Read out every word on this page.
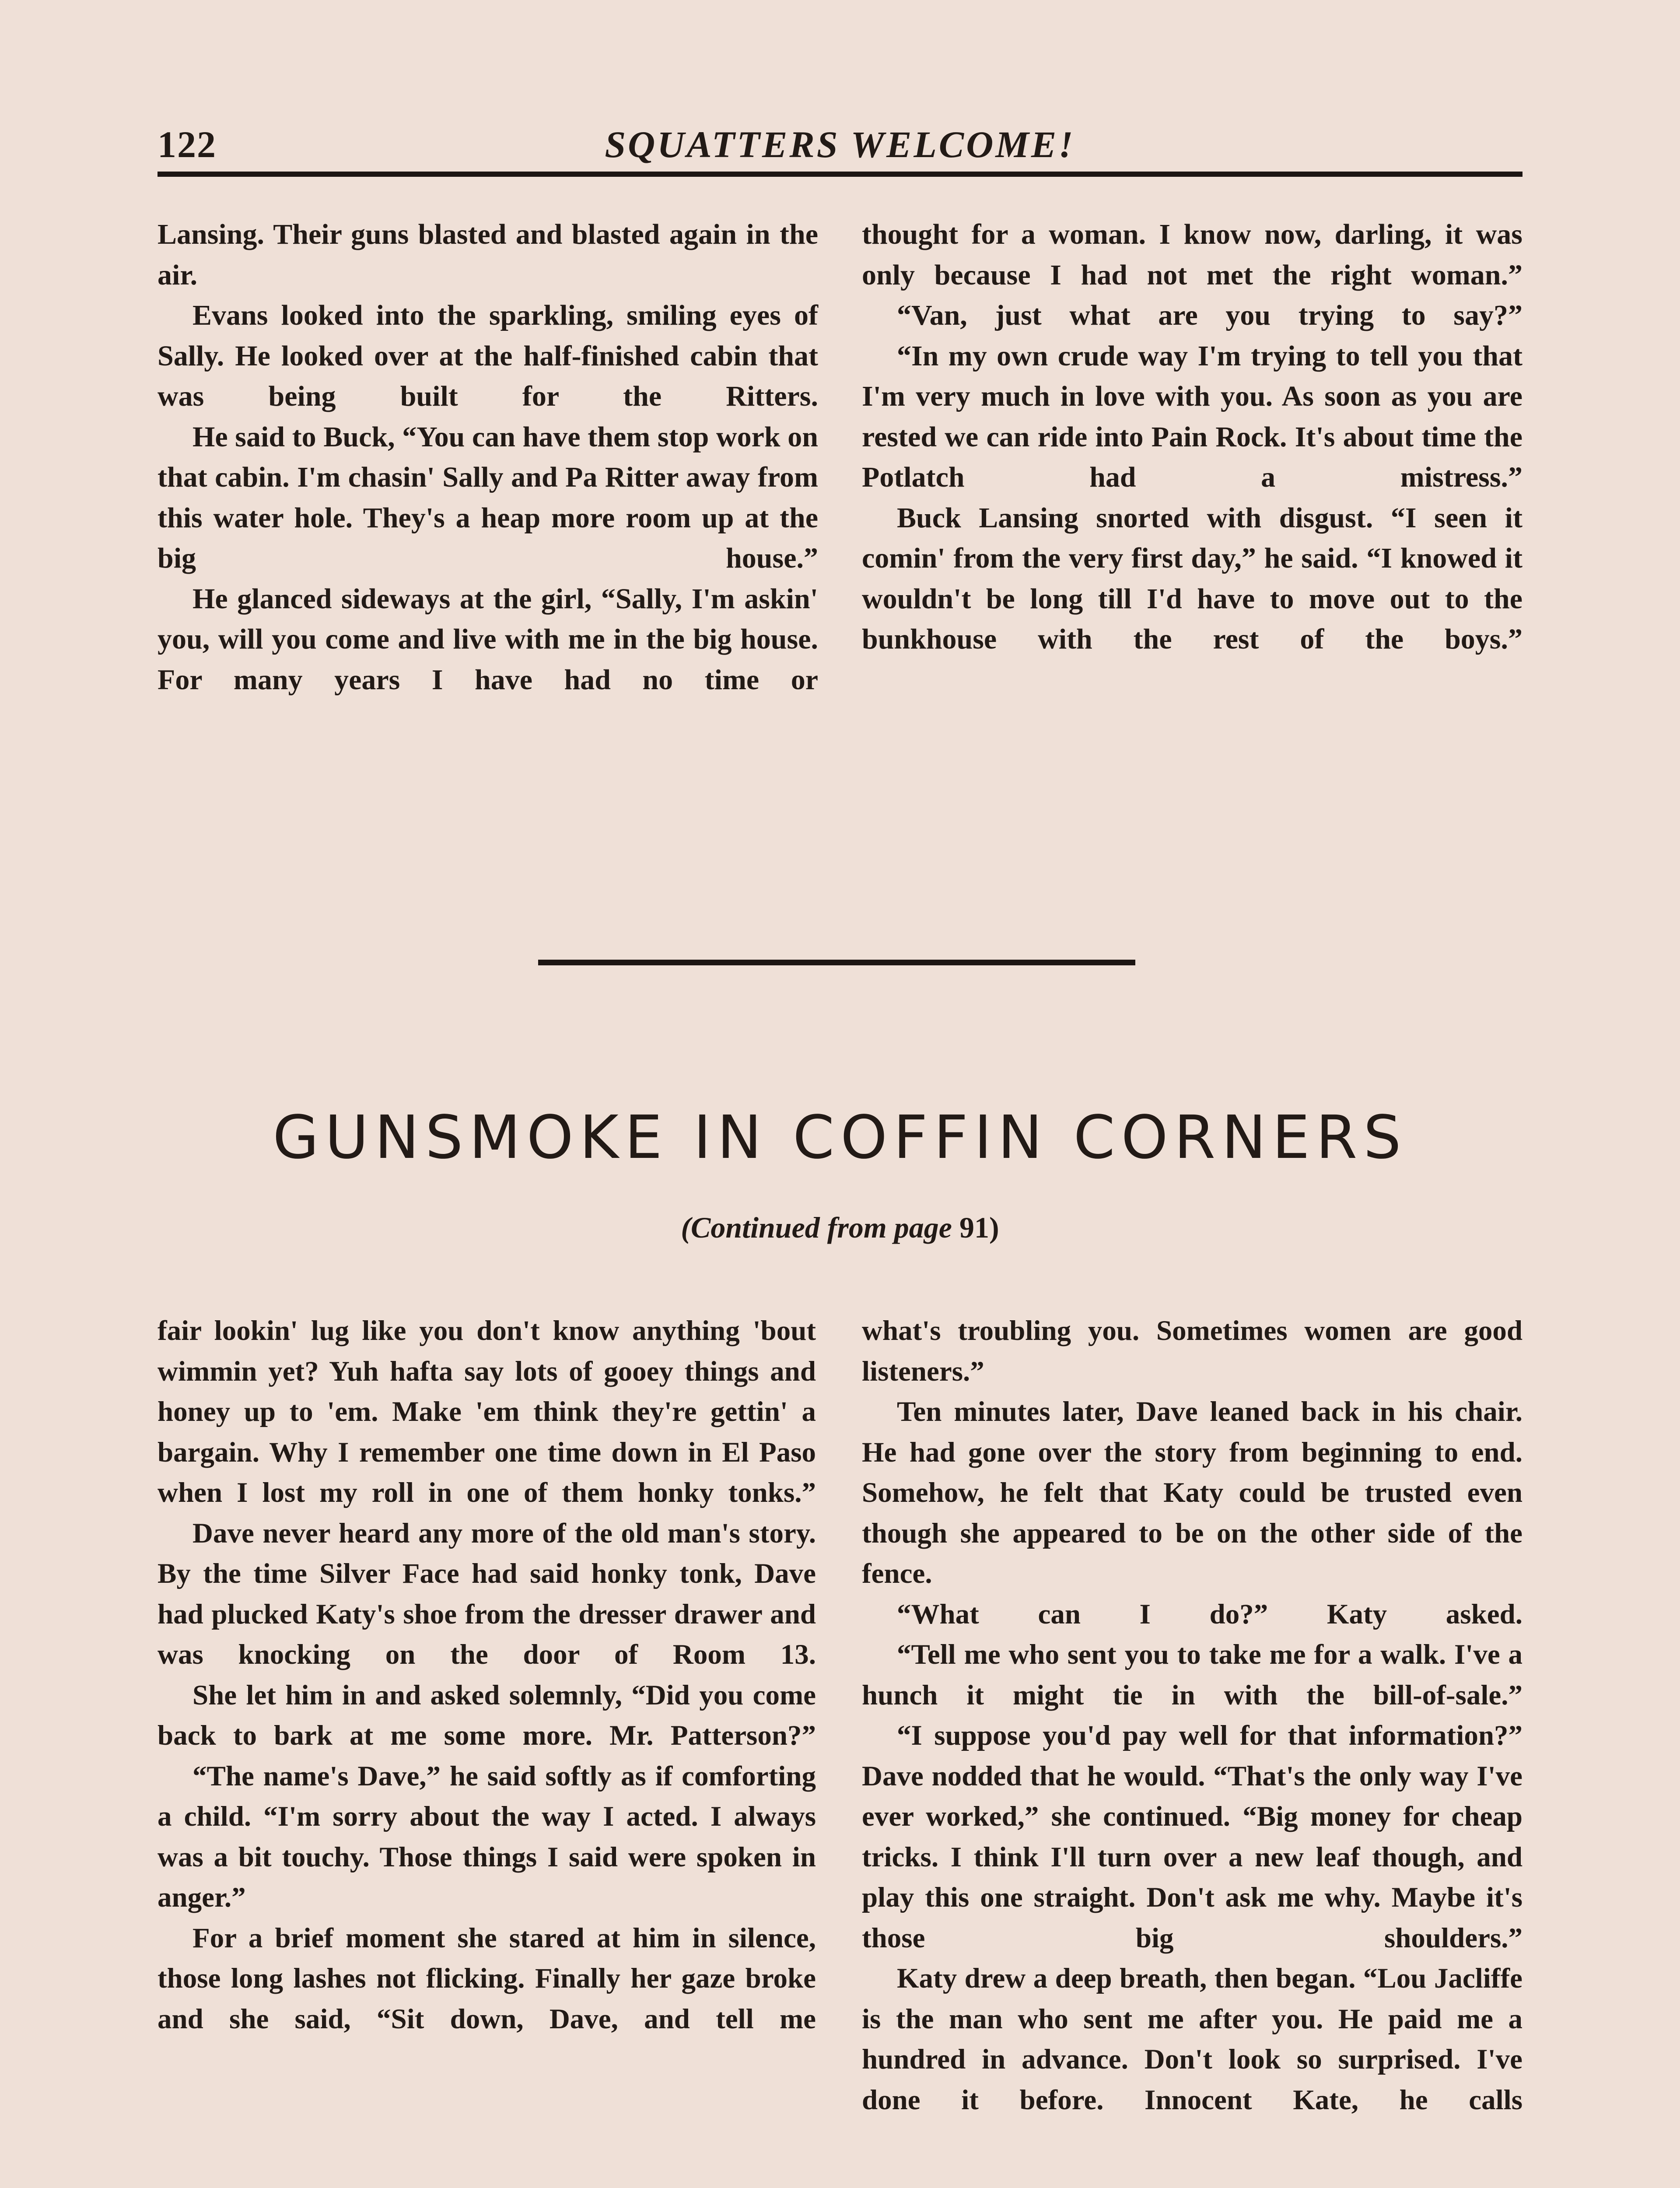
122	SQUATTERS WELCOME!

Lansing. Their guns blasted and blasted again in the air.

Evans looked into the sparkling, smiling eyes of Sally. He looked over at the half-finished cabin that was being built for the Ritters.

He said to Buck, “You can have them stop work on that cabin. I'm chasin' Sally and Pa Ritter away from this water hole. They's a heap more room up at the big house.”

He glanced sideways at the girl, “Sally, I'm askin' you, will you come and live with me in the big house. For many years I have had no time or

thought for a woman. I know now, darling, it was only because I had not met the right woman.”

“Van, just what are you trying to say?”

“In my own crude way I'm trying to tell you that I'm very much in love with you. As soon as you are rested we can ride into Pain Rock. It's about time the Potlatch had a mistress.”

Buck Lansing snorted with disgust. “I seen it comin' from the very first day,” he said. “I knowed it wouldn't be long till I'd have to move out to the bunkhouse with the rest of the boys.”

GUNSMOKE IN COFFIN CORNERS
(Continued from page 91)

fair lookin' lug like you don't know anything 'bout wimmin yet? Yuh hafta say lots of gooey things and honey up to 'em. Make 'em think they're gettin' a bargain. Why I remember one time down in El Paso when I lost my roll in one of them honky tonks.”

Dave never heard any more of the old man's story. By the time Silver Face had said honky tonk, Dave had plucked Katy's shoe from the dresser drawer and was knocking on the door of Room 13.

She let him in and asked solemnly, “Did you come back to bark at me some more. Mr. Patterson?”

“The name's Dave,” he said softly as if comforting a child. “I'm sorry about the way I acted. I always was a bit touchy. Those things I said were spoken in anger.”

For a brief moment she stared at him in silence, those long lashes not flicking. Finally her gaze broke and she said, “Sit down, Dave, and tell me

what's troubling you. Sometimes women are good listeners.”

Ten minutes later, Dave leaned back in his chair. He had gone over the story from beginning to end. Somehow, he felt that Katy could be trusted even though she appeared to be on the other side of the fence.

“What can I do?” Katy asked.

“Tell me who sent you to take me for a walk. I've a hunch it might tie in with the bill-of-sale.”

“I suppose you'd pay well for that information?” Dave nodded that he would. “That's the only way I've ever worked,” she continued. “Big money for cheap tricks. I think I'll turn over a new leaf though, and play this one straight. Don't ask me why. Maybe it's those big shoulders.”

Katy drew a deep breath, then began. “Lou Jacliffe is the man who sent me after you. He paid me a hundred in advance. Don't look so surprised. I've done it before. Innocent Kate, he calls
